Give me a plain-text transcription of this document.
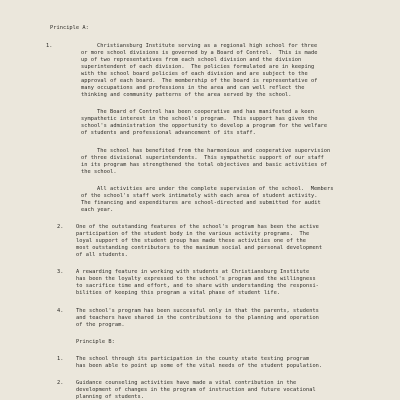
Principle A:
1.	Christiansburg Institute serving as a regional high school for three
or more school divisions is governed by a Board of Control.  This is made
up of two representatives from each school division and the division
superintendent of each division.  The policies formulated are in keeping
with the school board policies of each division and are subject to the
approval of each board.  The membership of the board is representative of
many occupations and professions in the area and can well reflect the
thinking and community patterns of the area served by the school.
The Board of Control has been cooperative and has manifested a keen
sympathetic interest in the school's program.  This support has given the
school's administration the opportunity to develop a program for the welfare
of students and professional advancement of its staff.
The school has benefited from the harmonious and cooperative supervision
of three divisional superintendents.  This sympathetic support of our staff
in its program has strengthened the total objectives and basic activities of
the school.
All activities are under the complete supervision of the school.  Members
of the school's staff work intimately with each area of student activity.
The financing and expenditures are school-directed and submitted for audit
each year.
2. One of the outstanding features of the school's program has been the active
participation of the student body in the various activity programs.  The
loyal support of the student group has made these activities one of the
most outstanding contributors to the maximum social and personal development
of all students.
3. A rewarding feature in working with students at Christiansburg Institute
has been the loyalty expressed to the school's program and the willingness
to sacrifice time and effort, and to share with understanding the responsi-
bilities of keeping this program a vital phase of student life.
4. The school's program has been successful only in that the parents, students
and teachers have shared in the contributions to the planning and operation
of the program.
Principle B:
1. The school through its participation in the county state testing program
has been able to point up some of the vital needs of the student population.
2. Guidance counseling activities have made a vital contribution in the
development of changes in the program of instruction and future vocational
planning of students.
